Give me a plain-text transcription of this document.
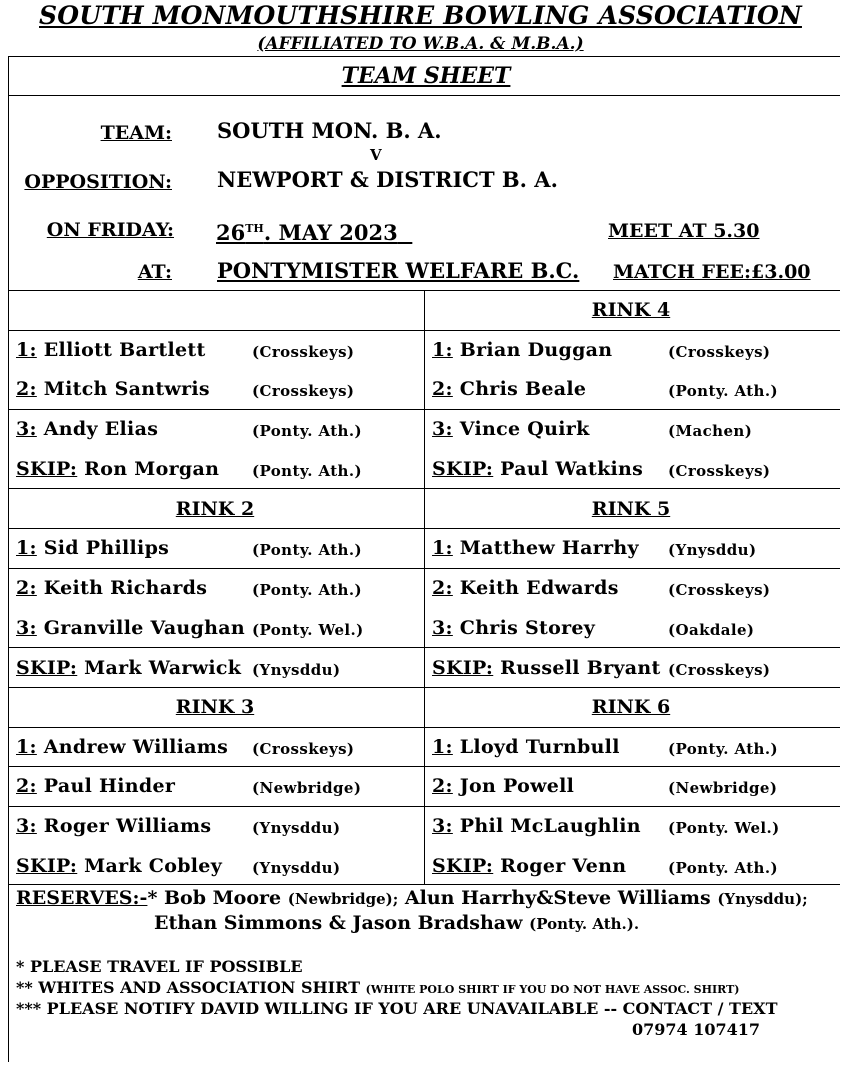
SOUTH MONMOUTHSHIRE BOWLING ASSOCIATION
(AFFILIATED TO W.B.A. & M.B.A.)
TEAM SHEET
TEAM: SOUTH MON. B. A.
V
OPPOSITION: NEWPORT & DISTRICT B. A.
ON FRIDAY: 26TH. MAY 2023	MEET AT 5.30
AT: PONTYMISTER WELFARE B.C. MATCH FEE:£3.00
1: Elliott Bartlett	(Crosskeys)
2: Mitch Santwris	(Crosskeys)
3: Andy Elias	(Ponty. Ath.)
SKIP: Ron Morgan (Ponty. Ath.)
RINK 4
1: Brian Duggan	(Crosskeys)
2: Chris Beale	(Ponty. Ath.)
3: Vince Quirk	(Machen)
SKIP: Paul Watkins (Crosskeys)
RINK 2
1: Sid Phillips	(Ponty. Ath.)
2: Keith Richards	(Ponty. Ath.)
3: Granville Vaughan (Ponty. Wel.)
SKIP: Mark Warwick (Ynysddu)
RINK 5
1: Matthew Harrhy (Ynysddu)
2: Keith Edwards	(Crosskeys)
3: Chris Storey	(Oakdale)
SKIP: Russell Bryant (Crosskeys)
RINK 3
1: Andrew Williams (Crosskeys)
2: Paul Hinder	(Newbridge)
3: Roger Williams	(Ynysddu)
SKIP: Mark Cobley (Ynysddu)
RINK 6
1: Lloyd Turnbull	(Ponty. Ath.)
2: Jon Powell	(Newbridge)
3: Phil McLaughlin (Ponty. Wel.)
SKIP: Roger Venn	(Ponty. Ath.)
RESERVES:-* Bob Moore (Newbridge); Alun Harrhy&Steve Williams (Ynysddu);
Ethan Simmons & Jason Bradshaw (Ponty. Ath.).
* PLEASE TRAVEL IF POSSIBLE
** WHITES AND ASSOCIATION SHIRT (WHITE POLO SHIRT IF YOU DO NOT HAVE ASSOC. SHIRT)
*** PLEASE NOTIFY DAVID WILLING IF YOU ARE UNAVAILABLE -- CONTACT / TEXT
07974 107417
